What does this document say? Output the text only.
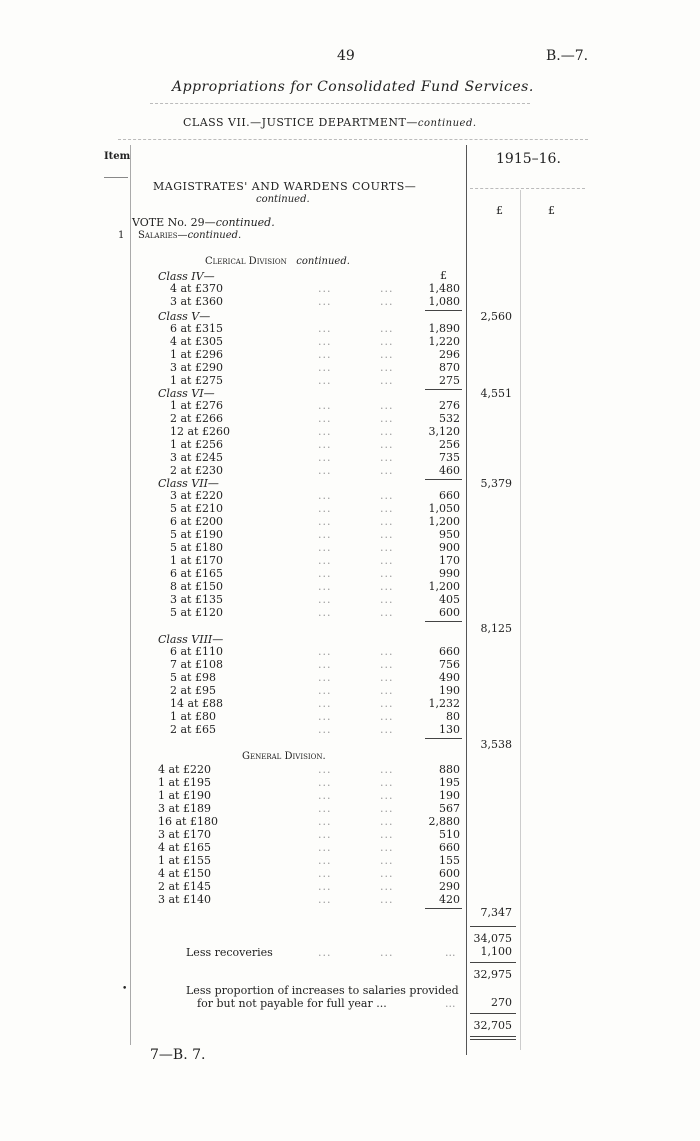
49	B.—7.
Appropriations for Consolidated Fund Services.
CLASS VII.—JUSTICE DEPARTMENT—continued.
Item	1915–16.
£	£
MAGISTRATES' AND WARDENS COURTS—
continued.
VOTE No. 29—continued.
1 Salaries—continued.
Clerical Division continued.
£
Class IV—
4 at £370	...	...	1,480
3 at £360	...	...	1,080
2,560
Class V—
6 at £315	...	...	1,890
4 at £305	...	...	1,220
1 at £296	...	...	296
3 at £290	...	...	870
1 at £275	...	...	275
4,551
Class VI—
1 at £276	...	...	276
2 at £266	...	...	532
12 at £260	...	...	3,120
1 at £256	...	...	256
3 at £245	...	...	735
2 at £230	...	...	460
5,379
Class VII—
3 at £220	...	...	660
5 at £210	...	...	1,050
6 at £200	...	...	1,200
5 at £190	...	...	950
5 at £180	...	...	900
1 at £170	...	...	170
6 at £165	...	...	990
8 at £150	...	...	1,200
3 at £135	...	...	405
5 at £120	...	...	600
8,125
Class VIII—
6 at £110	...	...	660
7 at £108	...	...	756
5 at £98	...	...	490
2 at £95	...	...	190
14 at £88	...	...	1,232
1 at £80	...	...	80
2 at £65	...	...	130
3,538
General Division.
4 at £220	...	...	880
1 at £195	...	...	195
1 at £190	...	...	190
3 at £189	...	...	567
16 at £180	...	...	2,880
3 at £170	...	...	510
4 at £165	...	...	660
1 at £155	...	...	155
4 at £150	...	...	600
2 at £145	...	...	290
3 at £140	...	...	420
7,347
34,075
Less recoveries	...	...	...	1,100
32,975
•	Less proportion of increases to salaries provided
for but not payable for full year ...	...	270
32,705
7—B. 7.
